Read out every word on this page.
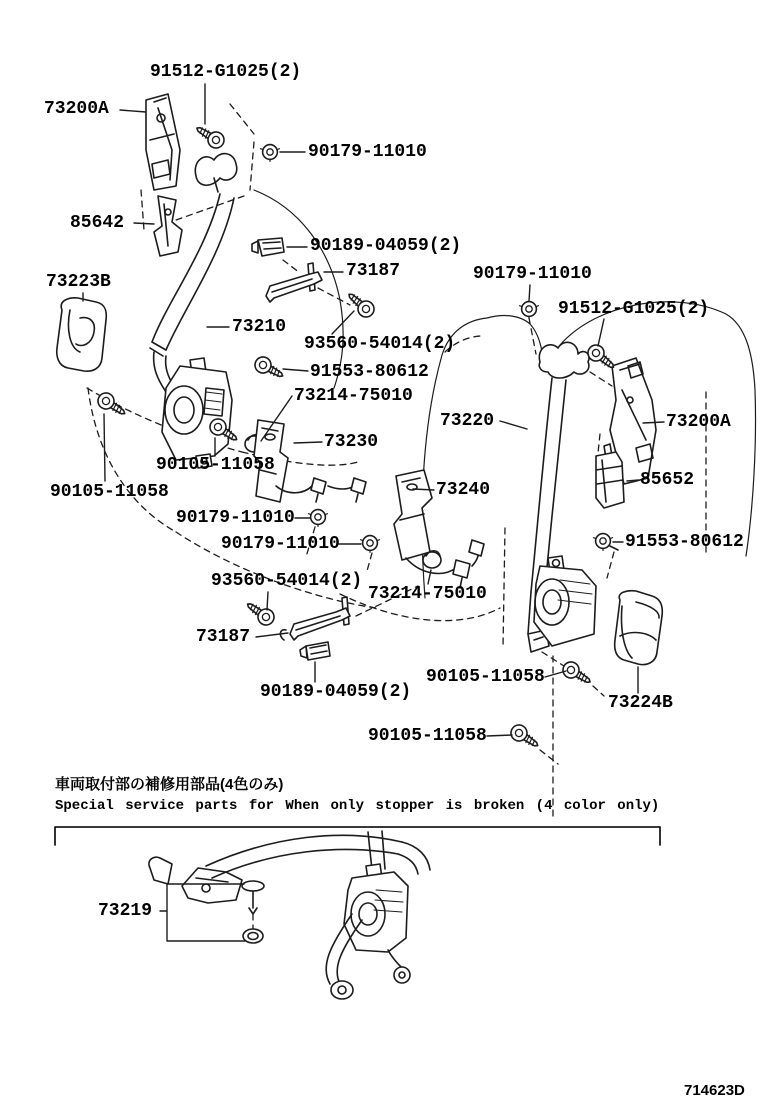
91512-G1025(2)
73200A
90179-11010
85642
90189-04059(2)
73187	90179-11010
73223B
91512-G1025(2)
73210
93560-54014(2)
91553-80612
73214-75010
73220	73200A
73230
90105-11058
85652
73240
90105-11058
90179-11010
91553-80612
90179-11010
93560-54014(2)
73214-75010
73187
90105-11058
90189-04059(2)
73224B
90105-11058
73219
車両取付部の補修用部品(4色のみ)
Special service parts for When only stopper is broken (4 color only)
714623D
